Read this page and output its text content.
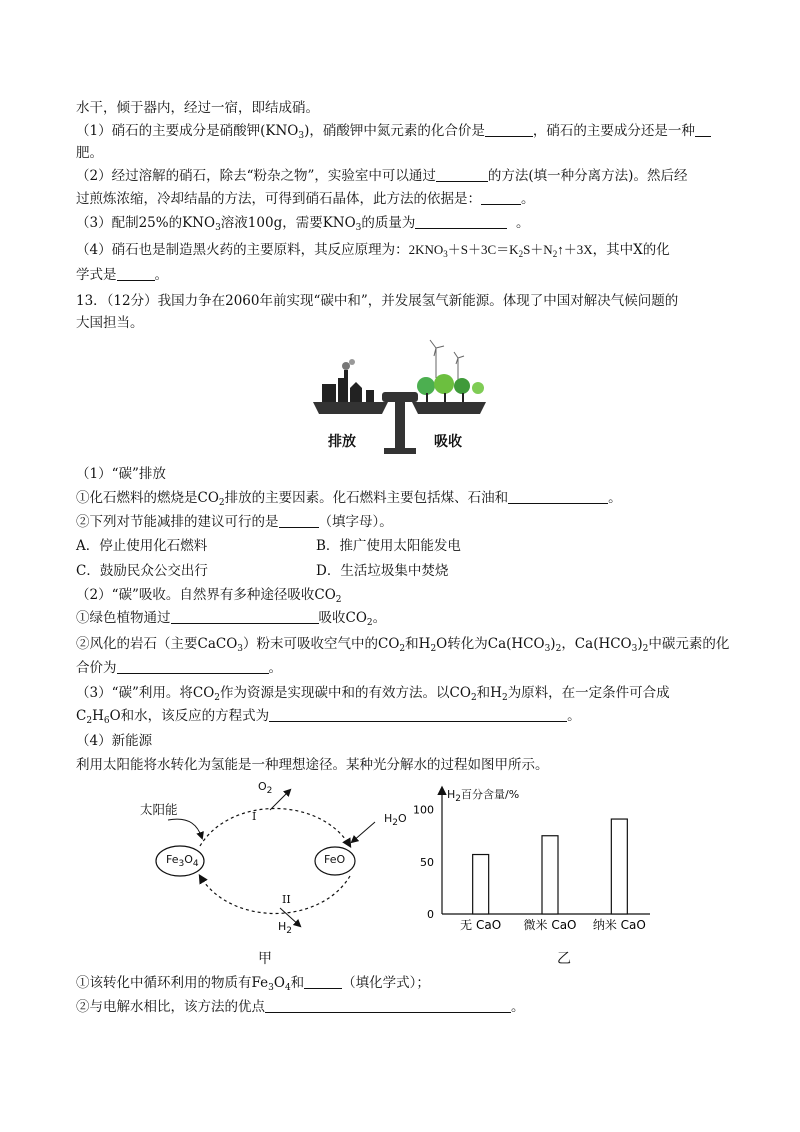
水干，倾于器内，经过一宿，即结成硝。
（1）硝石的主要成分是硝酸钾$(KNO_3)$，硝酸钾中氮元素的化合价是	，硝石的主要成分还是一种
肥。
（2）经过溶解的硝石，除去“粉杂之物”，实验室中可以通过	的方法(填一种分离方法)。然后经
过煎炼浓缩，冷却结晶的方法，可得到硝石晶体，此方法的依据是：	。
（3）配制25%的$KNO_3$溶液100g，需要$KNO_3$的质量为	。
（4）硝石也是制造黑火药的主要原料，其反应原理为：$2KNO_3+S+3C=K_2S+N_2↑+3X$，其中X的化
学式是	。
13．（12分）我国力争在2060年前实现“碳中和”，并发展氢气新能源。体现了中国对解决气候问题的
大国担当。
排放	吸收
（1）“碳”排放
①化石燃料的燃烧是$CO_2$排放的主要因素。化石燃料主要包括煤、石油和	。
②下列对节能减排的建议可行的是	（填字母）。
A．停止使用化石燃料	B．推广使用太阳能发电
C．鼓励民众公交出行	D．生活垃圾集中焚烧
（2）“碳”吸收。自然界有多种途径吸收$CO_2$
①绿色植物通过	吸收$CO_2$。
②风化的岩石（主要CaCO$_3$）粉末可吸收空气中的$CO_2$和$H_2O$转化为$Ca(HCO_3)_2$，$Ca(HCO_3)_2$中碳元素的化
合价为	。
（3）“碳”利用。将$CO_2$作为资源是实现碳中和的有效方法。以$CO_2$和$H_2$为原料，在一定条件可合成
$C_2H_6O$和水，该反应的方程式为	。
（4）新能源
利用太阳能将水转化为氢能是一种理想途径。某种光分解水的过程如图甲所示。
太阳能
$O_2$
I	$H_2O$
$Fe_3O_4$	FeO
II
$H_2$
甲
$H_2$百分含量/%
0
50
100
无 CaO 微米 CaO 纳米 CaO
乙
①该转化中循环利用的物质有$Fe_3O_4$和	（填化学式）；
②与电解水相比，该方法的优点	。
